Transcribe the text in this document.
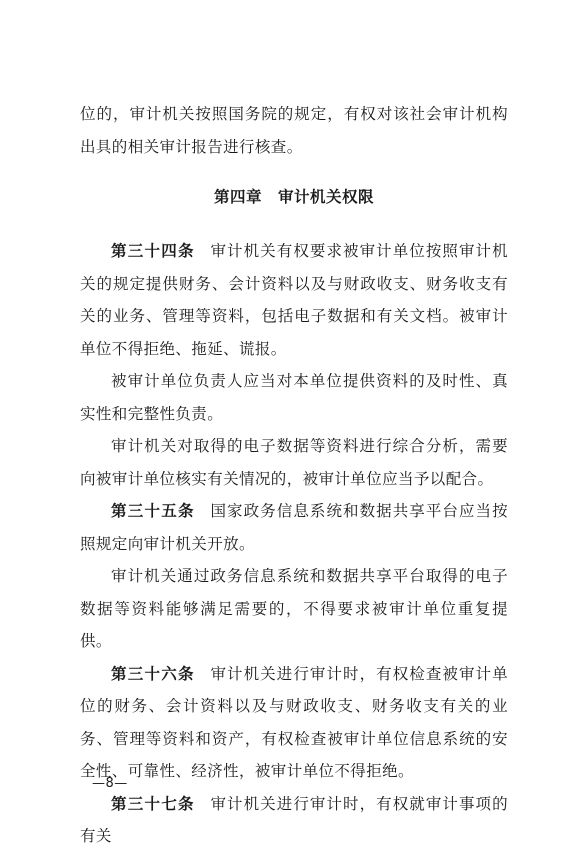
位的，审计机关按照国务院的规定，有权对该社会审计机构出具的相关审计报告进行核查。

第四章 审计机关权限

第三十四条 审计机关有权要求被审计单位按照审计机关的规定提供财务、会计资料以及与财政收支、财务收支有关的业务、管理等资料，包括电子数据和有关文档。被审计单位不得拒绝、拖延、谎报。

被审计单位负责人应当对本单位提供资料的及时性、真实性和完整性负责。

审计机关对取得的电子数据等资料进行综合分析，需要向被审计单位核实有关情况的，被审计单位应当予以配合。

第三十五条 国家政务信息系统和数据共享平台应当按照规定向审计机关开放。

审计机关通过政务信息系统和数据共享平台取得的电子数据等资料能够满足需要的，不得要求被审计单位重复提供。

第三十六条 审计机关进行审计时，有权检查被审计单位的财务、会计资料以及与财政收支、财务收支有关的业务、管理等资料和资产，有权检查被审计单位信息系统的安全性、可靠性、经济性，被审计单位不得拒绝。

第三十七条 审计机关进行审计时，有权就审计事项的有关

—8—
